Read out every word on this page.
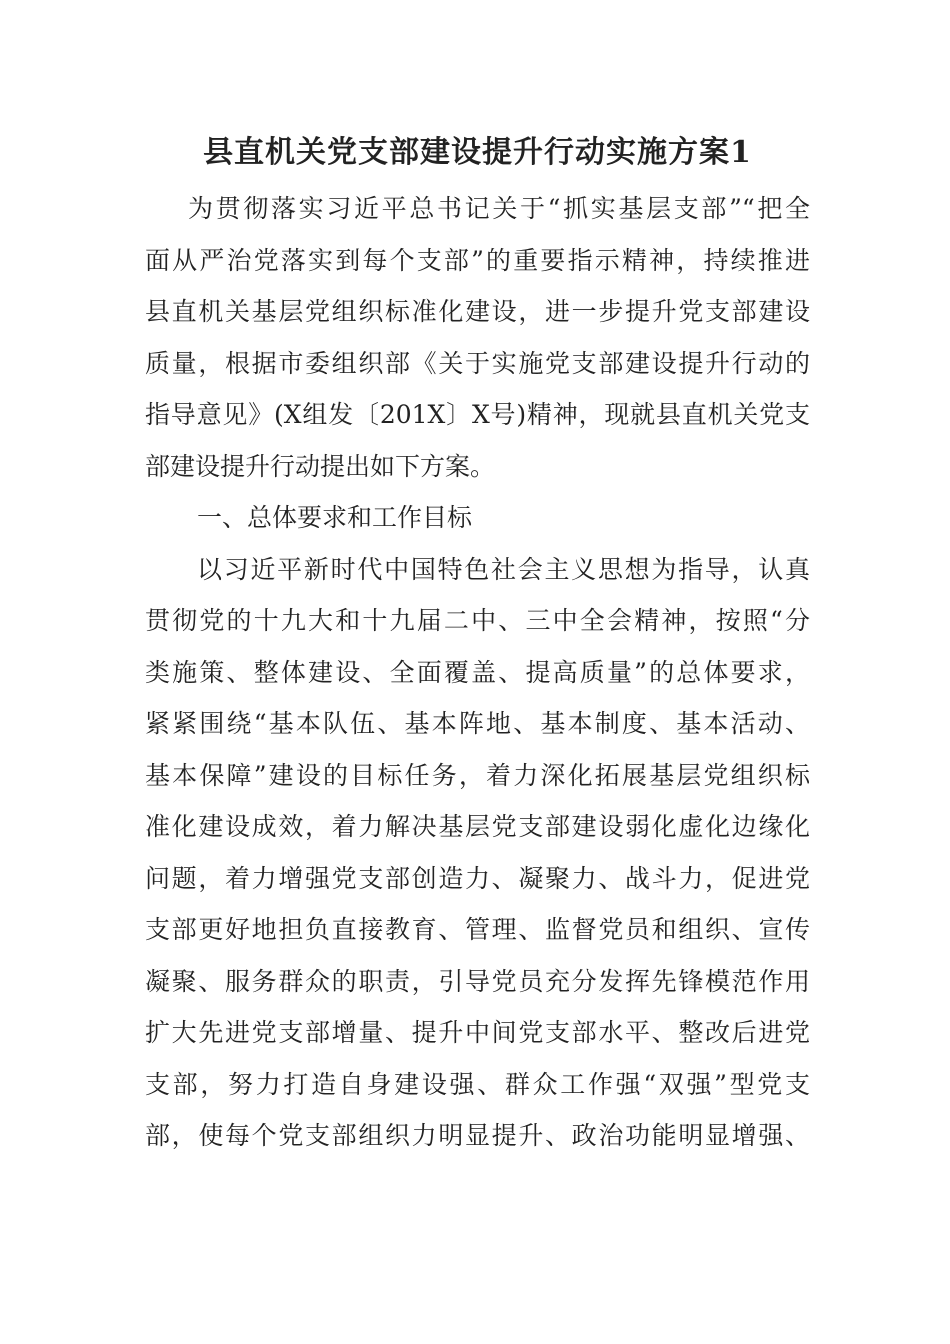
县直机关党支部建设提升行动实施方案1
为贯彻落实习近平总书记关于“抓实基层支部”“把全
面从严治党落实到每个支部”的重要指示精神，持续推进
县直机关基层党组织标准化建设，进一步提升党支部建设
质量，根据市委组织部《关于实施党支部建设提升行动的
指导意见》(X组发〔201X〕X号)精神，现就县直机关党支
部建设提升行动提出如下方案。
一、总体要求和工作目标
以习近平新时代中国特色社会主义思想为指导，认真
贯彻党的十九大和十九届二中、三中全会精神，按照“分
类施策、整体建设、全面覆盖、提高质量”的总体要求，
紧紧围绕“基本队伍、基本阵地、基本制度、基本活动、
基本保障”建设的目标任务，着力深化拓展基层党组织标
准化建设成效，着力解决基层党支部建设弱化虚化边缘化
问题，着力增强党支部创造力、凝聚力、战斗力，促进党
支部更好地担负直接教育、管理、监督党员和组织、宣传
凝聚、服务群众的职责，引导党员充分发挥先锋模范作用
扩大先进党支部增量、提升中间党支部水平、整改后进党
支部，努力打造自身建设强、群众工作强“双强”型党支
部，使每个党支部组织力明显提升、政治功能明显增强、
